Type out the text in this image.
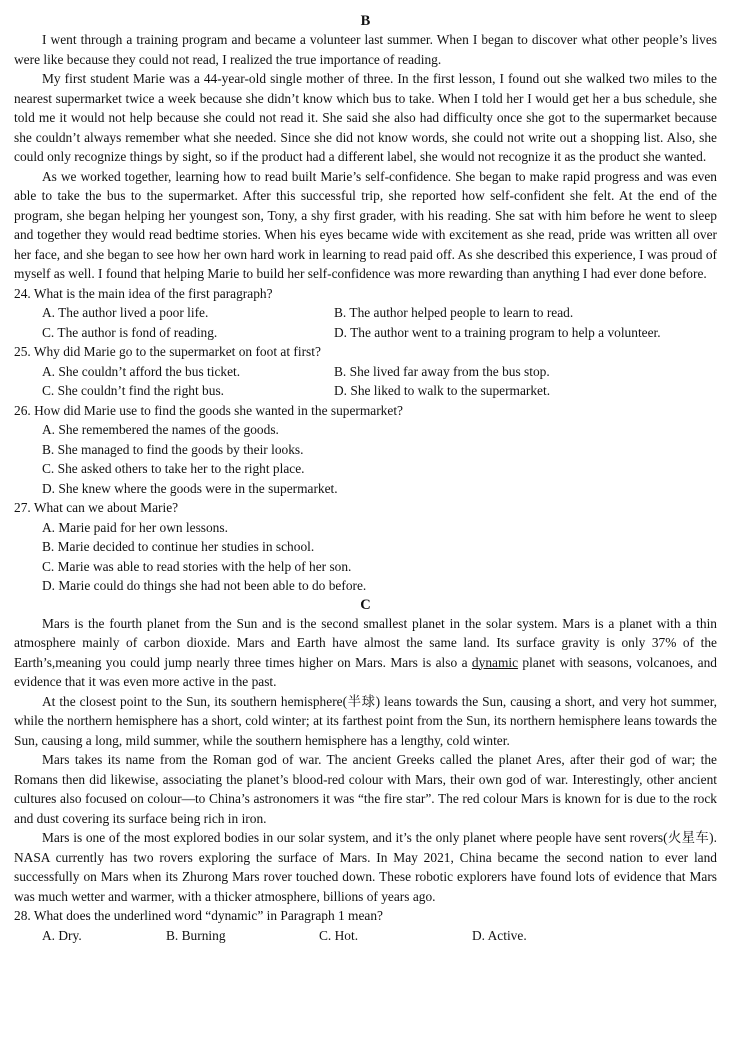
B

I went through a training program and became a volunteer last summer. When I began to discover what other people’s lives were like because they could not read, I realized the true importance of reading.

My first student Marie was a 44-year-old single mother of three. In the first lesson, I found out she walked two miles to the nearest supermarket twice a week because she didn’t know which bus to take. When I told her I would get her a bus schedule, she told me it would not help because she could not read it. She said she also had difficulty once she got to the supermarket because she couldn’t always remember what she needed. Since she did not know words, she could not write out a shopping list. Also, she could only recognize things by sight, so if the product had a different label, she would not recognize it as the product she wanted.

As we worked together, learning how to read built Marie’s self-confidence. She began to make rapid progress and was even able to take the bus to the supermarket. After this successful trip, she reported how self-confident she felt. At the end of the program, she began helping her youngest son, Tony, a shy first grader, with his reading. She sat with him before he went to sleep and together they would read bedtime stories. When his eyes became wide with excitement as she read, pride was written all over her face, and she began to see how her own hard work in learning to read paid off. As she described this experience, I was proud of myself as well. I found that helping Marie to build her self-confidence was more rewarding than anything I had ever done before.

24. What is the main idea of the first paragraph?

A. The author lived a poor life.	B. The author helped people to learn to read.

C. The author is fond of reading.	D. The author went to a training program to help a volunteer.

25. Why did Marie go to the supermarket on foot at first?

A. She couldn’t afford the bus ticket.	B. She lived far away from the bus stop.

C. She couldn’t find the right bus.	D. She liked to walk to the supermarket.

26. How did Marie use to find the goods she wanted in the supermarket?

A. She remembered the names of the goods.

B. She managed to find the goods by their looks.

C. She asked others to take her to the right place.

D. She knew where the goods were in the supermarket.

27. What can we about Marie?

A. Marie paid for her own lessons.

B. Marie decided to continue her studies in school.

C. Marie was able to read stories with the help of her son.

D. Marie could do things she had not been able to do before.

C

Mars is the fourth planet from the Sun and is the second smallest planet in the solar system. Mars is a planet with a thin atmosphere mainly of carbon dioxide. Mars and Earth have almost the same land. Its surface gravity is only 37% of the Earth’s,meaning you could jump nearly three times higher on Mars. Mars is also a dynamic planet with seasons, volcanoes, and evidence that it was even more active in the past.

At the closest point to the Sun, its southern hemisphere(半球) leans towards the Sun, causing a short, and very hot summer, while the northern hemisphere has a short, cold winter; at its farthest point from the Sun, its northern hemisphere leans towards the Sun, causing a long, mild summer, while the southern hemisphere has a lengthy, cold winter.

Mars takes its name from the Roman god of war. The ancient Greeks called the planet Ares, after their god of war; the Romans then did likewise, associating the planet’s blood-red colour with Mars, their own god of war. Interestingly, other ancient cultures also focused on colour—to China’s astronomers it was “the fire star”. The red colour Mars is known for is due to the rock and dust covering its surface being rich in iron.

Mars is one of the most explored bodies in our solar system, and it’s the only planet where people have sent rovers(火星车). NASA currently has two rovers exploring the surface of Mars. In May 2021, China became the second nation to ever land successfully on Mars when its Zhurong Mars rover touched down. These robotic explorers have found lots of evidence that Mars was much wetter and warmer, with a thicker atmosphere, billions of years ago.

28. What does the underlined word “dynamic” in Paragraph 1 mean?

A. Dry.	B. Burning	C. Hot.	D. Active.
